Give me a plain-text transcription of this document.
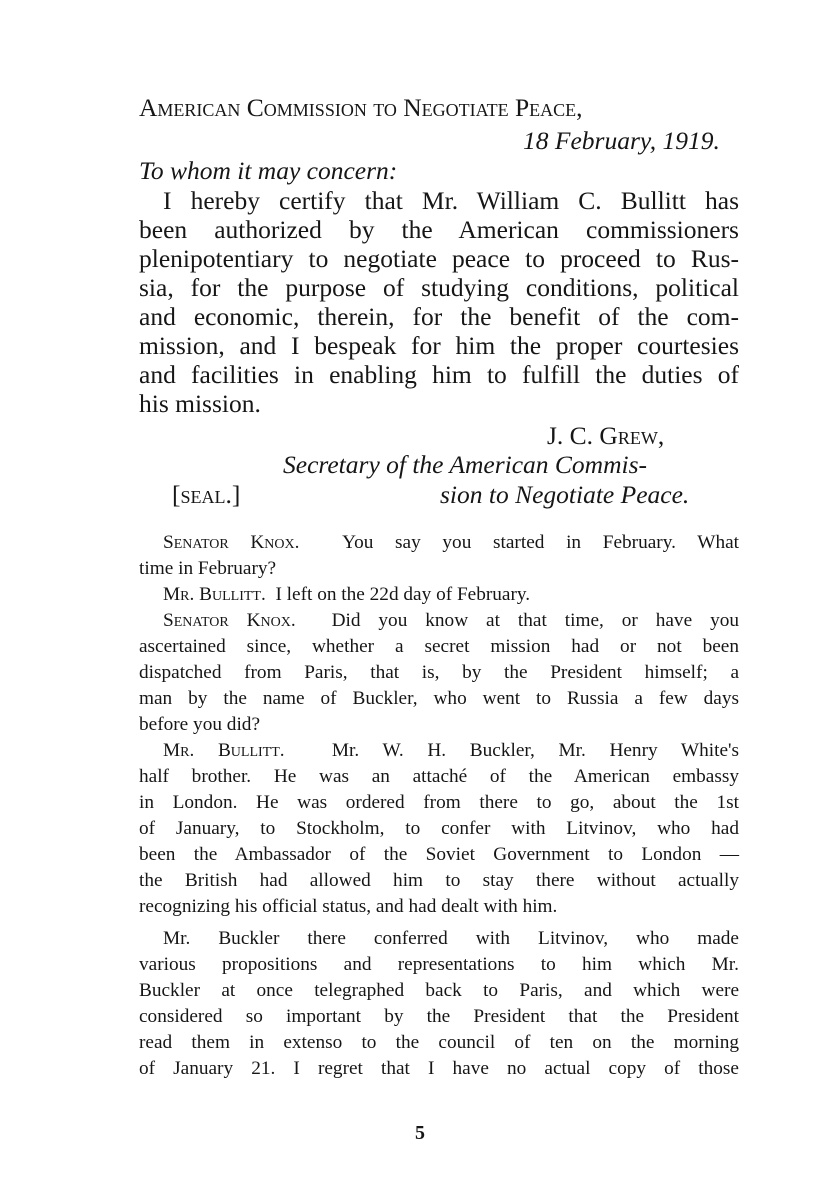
American Commission to Negotiate Peace,
18 February, 1919.
To whom it may concern:
I hereby certify that Mr. William C. Bullitt has
been authorized by the American commissioners
plenipotentiary to negotiate peace to proceed to Rus-
sia, for the purpose of studying conditions, political
and economic, therein, for the benefit of the com-
mission, and I bespeak for him the proper courtesies
and facilities in enabling him to fulfill the duties of
his mission.
J. C. Grew,
Secretary of the American Commis-
[seal.]	sion to Negotiate Peace.
Senator Knox. You say you started in February. What
time in February?
Mr. Bullitt. I left on the 22d day of February.
Senator Knox. Did you know at that time, or have you
ascertained since, whether a secret mission had or not been
dispatched from Paris, that is, by the President himself; a
man by the name of Buckler, who went to Russia a few days
before you did?
Mr. Bullitt. Mr. W. H. Buckler, Mr. Henry White's
half brother. He was an attaché of the American embassy
in London. He was ordered from there to go, about the 1st
of January, to Stockholm, to confer with Litvinov, who had
been the Ambassador of the Soviet Government to London —
the British had allowed him to stay there without actually
recognizing his official status, and had dealt with him.
Mr. Buckler there conferred with Litvinov, who made
various propositions and representations to him which Mr.
Buckler at once telegraphed back to Paris, and which were
considered so important by the President that the President
read them in extenso to the council of ten on the morning
of January 21. I regret that I have no actual copy of those
5
